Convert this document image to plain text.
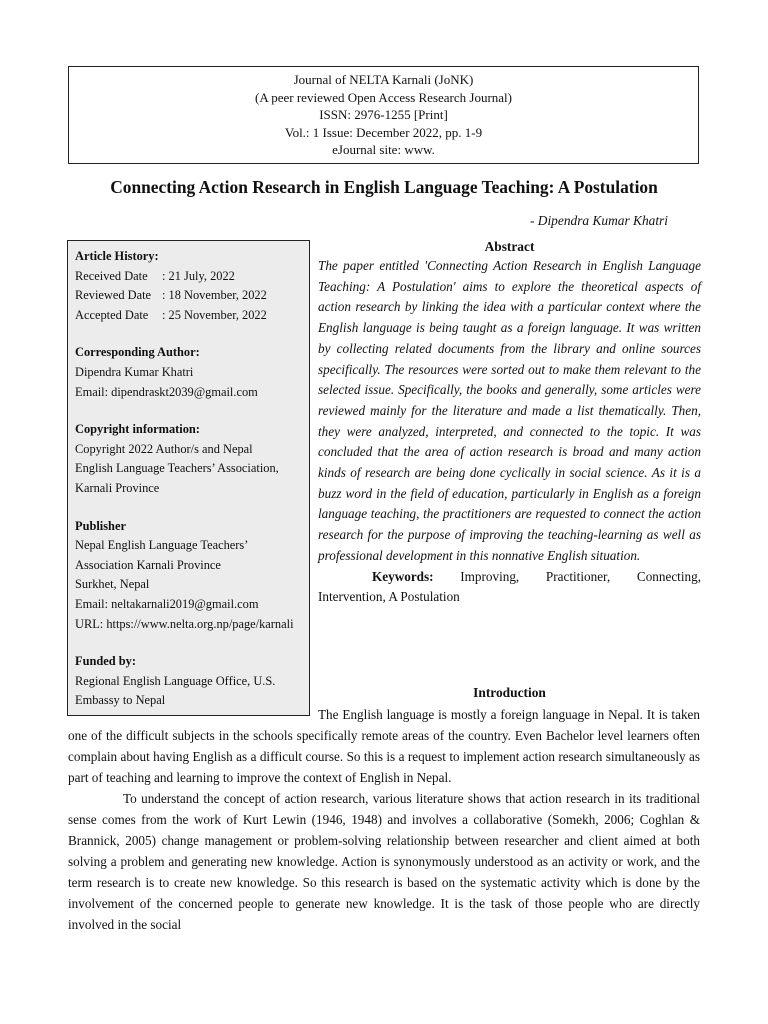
Journal of NELTA Karnali (JoNK)
(A peer reviewed Open Access Research Journal)
ISSN: 2976-1255 [Print]
Vol.: 1 Issue: December 2022, pp. 1-9
eJournal site: www.
Connecting Action Research in English Language Teaching: A Postulation
- Dipendra Kumar Khatri
Article History:
Received Date : 21 July, 2022
Reviewed Date : 18 November, 2022
Accepted Date : 25 November, 2022
Corresponding Author:
Dipendra Kumar Khatri
Email: dipendraskt2039@gmail.com
Copyright information:
Copyright 2022 Author/s and Nepal
English Language Teachers’ Association,
Karnali Province
Publisher
Nepal English Language Teachers’
Association Karnali Province
Surkhet, Nepal
Email: neltakarnali2019@gmail.com
URL: https://www.nelta.org.np/page/karnali
Funded by:
Regional English Language Office, U.S.
Embassy to Nepal
Abstract

The paper entitled 'Connecting Action Research in English Language Teaching: A Postulation' aims to explore the theoretical aspects of action research by linking the idea with a particular context where the English language is being taught as a foreign language. It was written by collecting related documents from the library and online sources specifically. The resources were sorted out to make them relevant to the selected issue. Specifically, the books and generally, some articles were reviewed mainly for the literature and made a list thematically. Then, they were analyzed, interpreted, and connected to the topic. It was concluded that the area of action research is broad and many action kinds of research are being done cyclically in social science. As it is a buzz word in the field of education, particularly in English as a foreign language teaching, the practitioners are requested to connect the action research for the purpose of improving the teaching-learning as well as professional development in this nonnative English situation.

Keywords: Improving, Practitioner, Connecting, Intervention, A Postulation

Introduction

The English language is mostly a foreign language in Nepal. It is taken one of the difficult subjects in the schools specifically remote areas of the country. Even Bachelor level learners often complain about having English as a difficult course. So this is a request to implement action research simultaneously as part of teaching and learning to improve the context of English in Nepal.

To understand the concept of action research, various literature shows that action research in its traditional sense comes from the work of Kurt Lewin (1946, 1948) and involves a collaborative (Somekh, 2006; Coghlan & Brannick, 2005) change management or problem-solving relationship between researcher and client aimed at both solving a problem and generating new knowledge. Action is synonymously understood as an activity or work, and the term research is to create new knowledge. So this research is based on the systematic activity which is done by the involvement of the concerned people to generate new knowledge. It is the task of those people who are directly involved in the social
